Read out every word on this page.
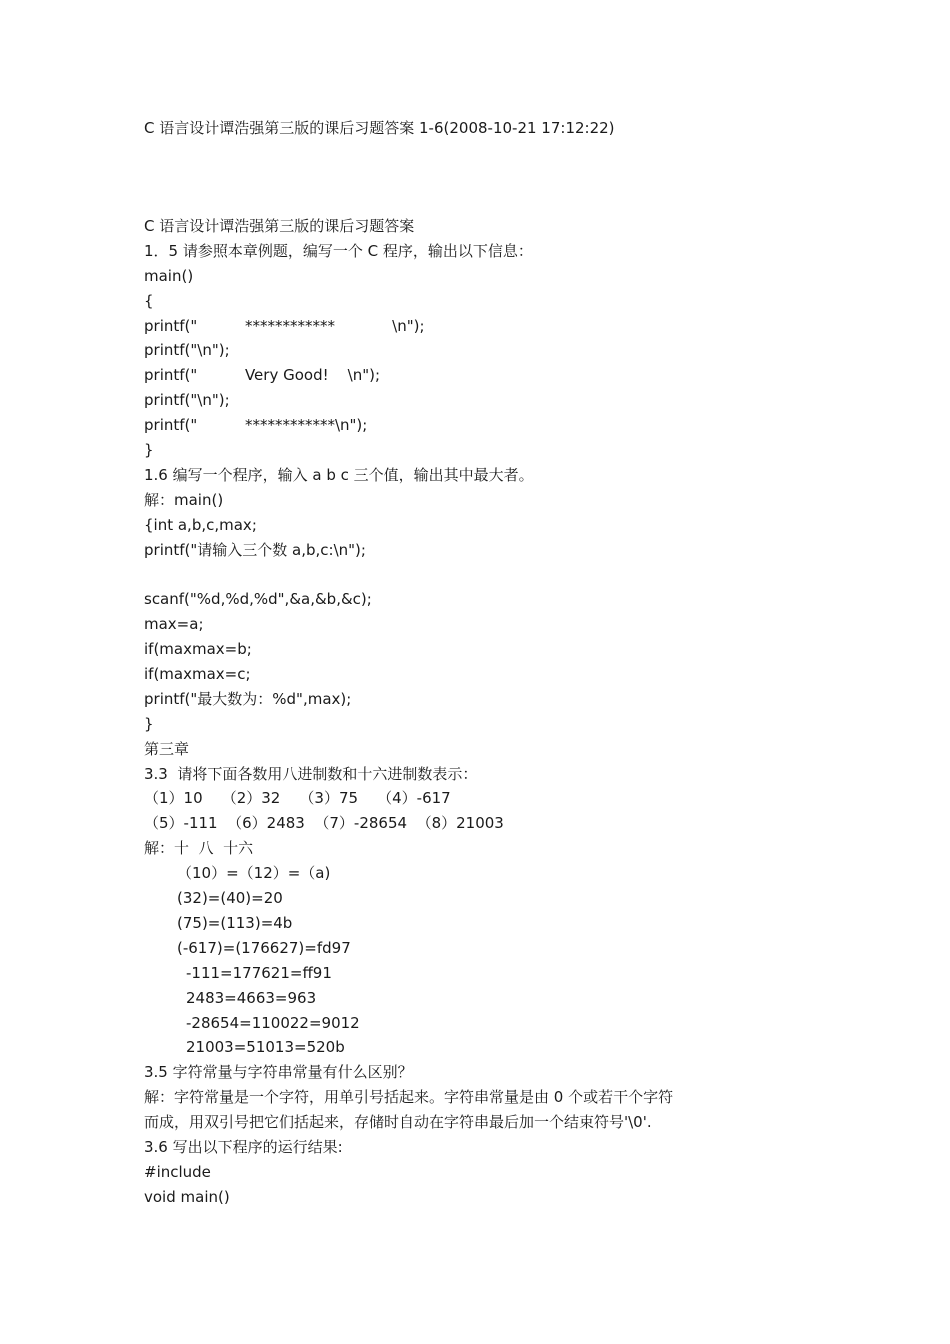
C 语言设计谭浩强第三版的课后习题答案 1-6(2008-10-21 17:12:22)
C 语言设计谭浩强第三版的课后习题答案
1．5 请参照本章例题，编写一个 C 程序，输出以下信息：
main()
{
printf("          ************            \n");
printf("\n");
printf("          Very Good!    \n");
printf("\n");
printf("          ************\n");
}
1.6 编写一个程序，输入 a b c 三个值，输出其中最大者。
解：main()
{int a,b,c,max;
printf("请输入三个数 a,b,c:\n");
scanf("%d,%d,%d",&a,&b,&c);
max=a;
if(maxmax=b;
if(maxmax=c;
printf("最大数为：%d",max);
}
第三章
3.3  请将下面各数用八进制数和十六进制数表示：
（1）10    （2）32    （3）75    （4）-617
（5）-111  （6）2483  （7）-28654  （8）21003
解：十  八  十六
（10）=（12）=（a)
(32)=(40)=20
(75)=(113)=4b
(-617)=(176627)=fd97
-111=177621=ff91
2483=4663=963
-28654=110022=9012
21003=51013=520b
3.5 字符常量与字符串常量有什么区别？
解：字符常量是一个字符，用单引号括起来。字符串常量是由 0 个或若干个字符
而成，用双引号把它们括起来，存储时自动在字符串最后加一个结束符号'\0'.
3.6 写出以下程序的运行结果:
#include
void main()
